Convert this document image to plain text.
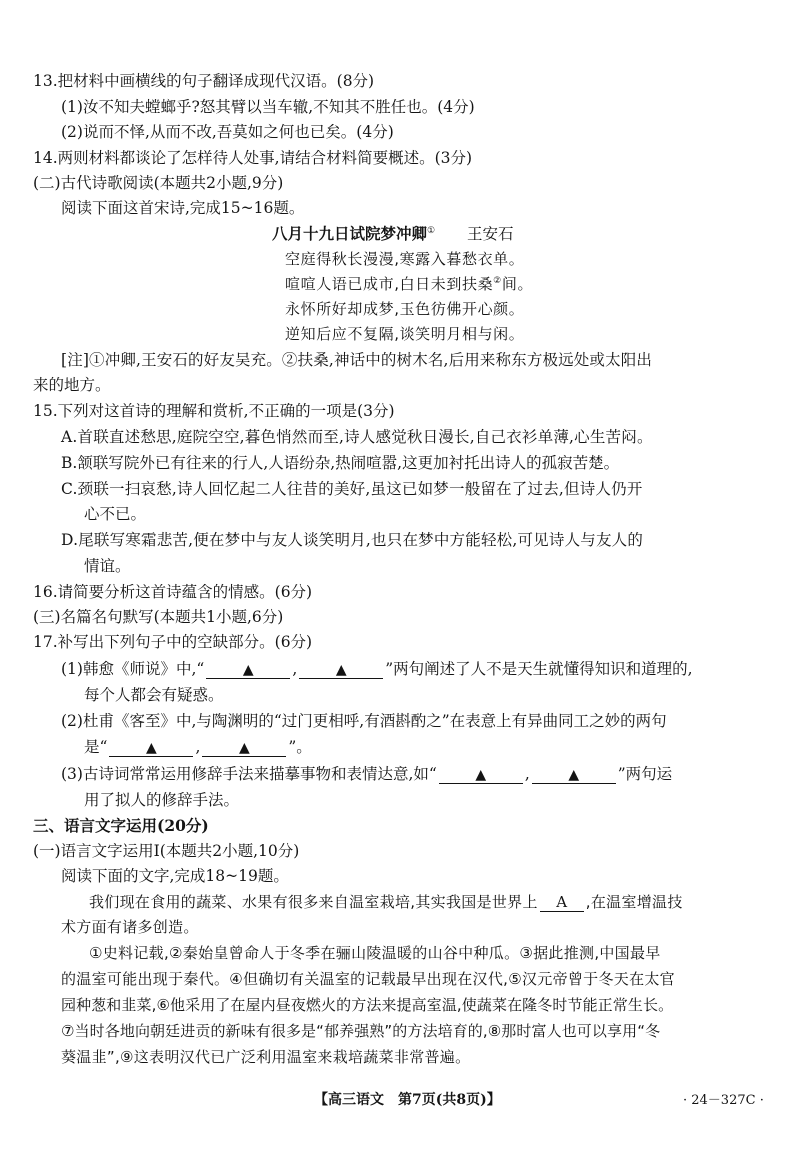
13.把材料中画横线的句子翻译成现代汉语。(8分)
(1)汝不知夫螳螂乎?怒其臂以当车辙,不知其不胜任也。(4分)
(2)说而不怿,从而不改,吾莫如之何也已矣。(4分)
14.两则材料都谈论了怎样待人处事,请结合材料简要概述。(3分)
(二)古代诗歌阅读(本题共2小题,9分)
阅读下面这首宋诗,完成15~16题。
八月十九日试院梦冲卿① 王安石
空庭得秋长漫漫,寒露入暮愁衣单。
喧喧人语已成市,白日未到扶桑②间。
永怀所好却成梦,玉色彷佛开心颜。
逆知后应不复隔,谈笑明月相与闲。
[注]①冲卿,王安石的好友吴充。②扶桑,神话中的树木名,后用来称东方极远处或太阳出
来的地方。
15.下列对这首诗的理解和赏析,不正确的一项是(3分)
A.首联直述愁思,庭院空空,暮色悄然而至,诗人感觉秋日漫长,自己衣衫单薄,心生苦闷。
B.颔联写院外已有往来的行人,人语纷杂,热闹喧嚣,这更加衬托出诗人的孤寂苦楚。
C.颈联一扫哀愁,诗人回忆起二人往昔的美好,虽这已如梦一般留在了过去,但诗人仍开
心不已。
D.尾联写寒霜悲苦,便在梦中与友人谈笑明月,也只在梦中方能轻松,可见诗人与友人的
情谊。
16.请简要分析这首诗蕴含的情感。(6分)
(三)名篇名句默写(本题共1小题,6分)
17.补写出下列句子中的空缺部分。(6分)
(1)韩愈《师说》中,“	▲ ,	▲ ”两句阐述了人不是天生就懂得知识和道理的,
每个人都会有疑惑。
(2)杜甫《客至》中,与陶渊明的“过门更相呼,有酒斟酌之”在表意上有异曲同工之妙的两句
是“	▲ ,	▲ ”。
(3)古诗词常常运用修辞手法来描摹事物和表情达意,如“	▲ ,	▲ ”两句运
用了拟人的修辞手法。
三、语言文字运用(20分)
(一)语言文字运用Ⅰ(本题共2小题,10分)
阅读下面的文字,完成18~19题。
我们现在食用的蔬菜、水果有很多来自温室栽培,其实我国是世界上 A ,在温室增温技
术方面有诸多创造。
①史料记载,②秦始皇曾命人于冬季在骊山陵温暖的山谷中种瓜。③据此推测,中国最早
的温室可能出现于秦代。④但确切有关温室的记载最早出现在汉代,⑤汉元帝曾于冬天在太官
园种葱和韭菜,⑥他采用了在屋内昼夜燃火的方法来提高室温,使蔬菜在隆冬时节能正常生长。
⑦当时各地向朝廷进贡的新味有很多是“郁养强熟”的方法培育的,⑧那时富人也可以享用“冬
葵温韭”,⑨这表明汉代已广泛利用温室来栽培蔬菜非常普遍。
【高三语文　第7页(共8页)】	· 24－327C ·
